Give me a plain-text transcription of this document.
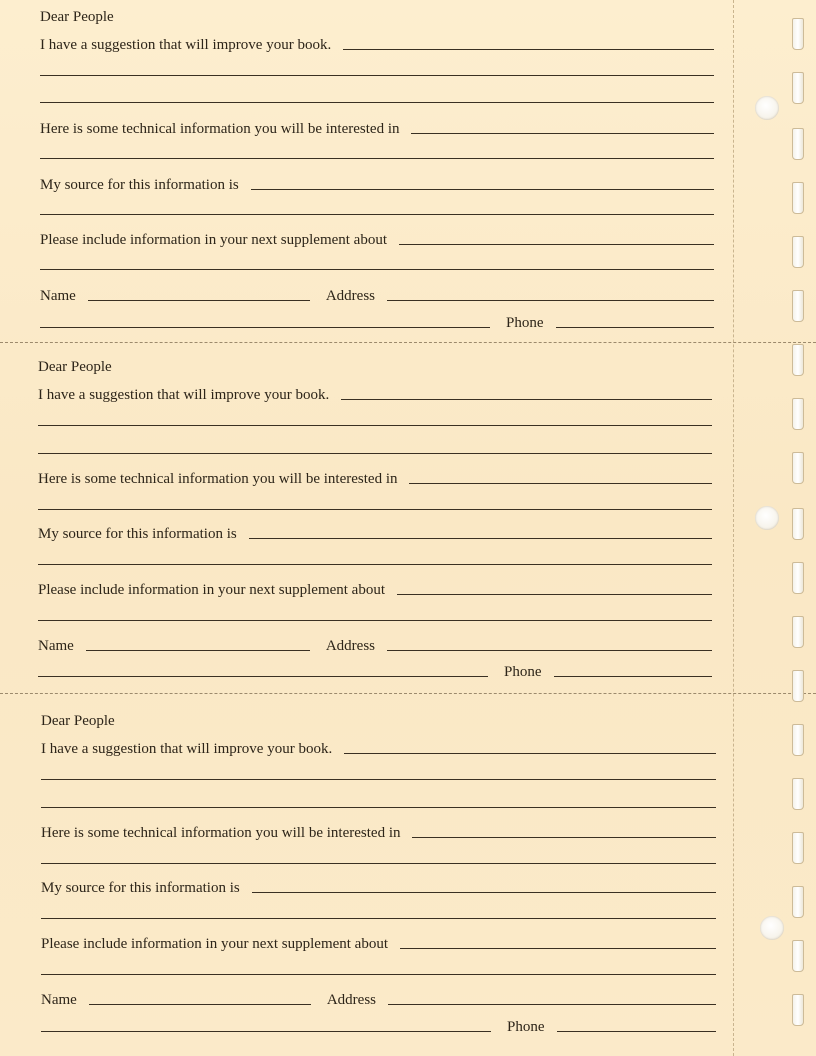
Dear People
I have a suggestion that will improve your book.
Here is some technical information you will be interested in
My source for this information is
Please include information in your next supplement about
Name	Address
Phone
Dear People
I have a suggestion that will improve your book.
Here is some technical information you will be interested in
My source for this information is
Please include information in your next supplement about
Name	Address
Phone
Dear People
I have a suggestion that will improve your book.
Here is some technical information you will be interested in
My source for this information is
Please include information in your next supplement about
Name	Address
Phone
